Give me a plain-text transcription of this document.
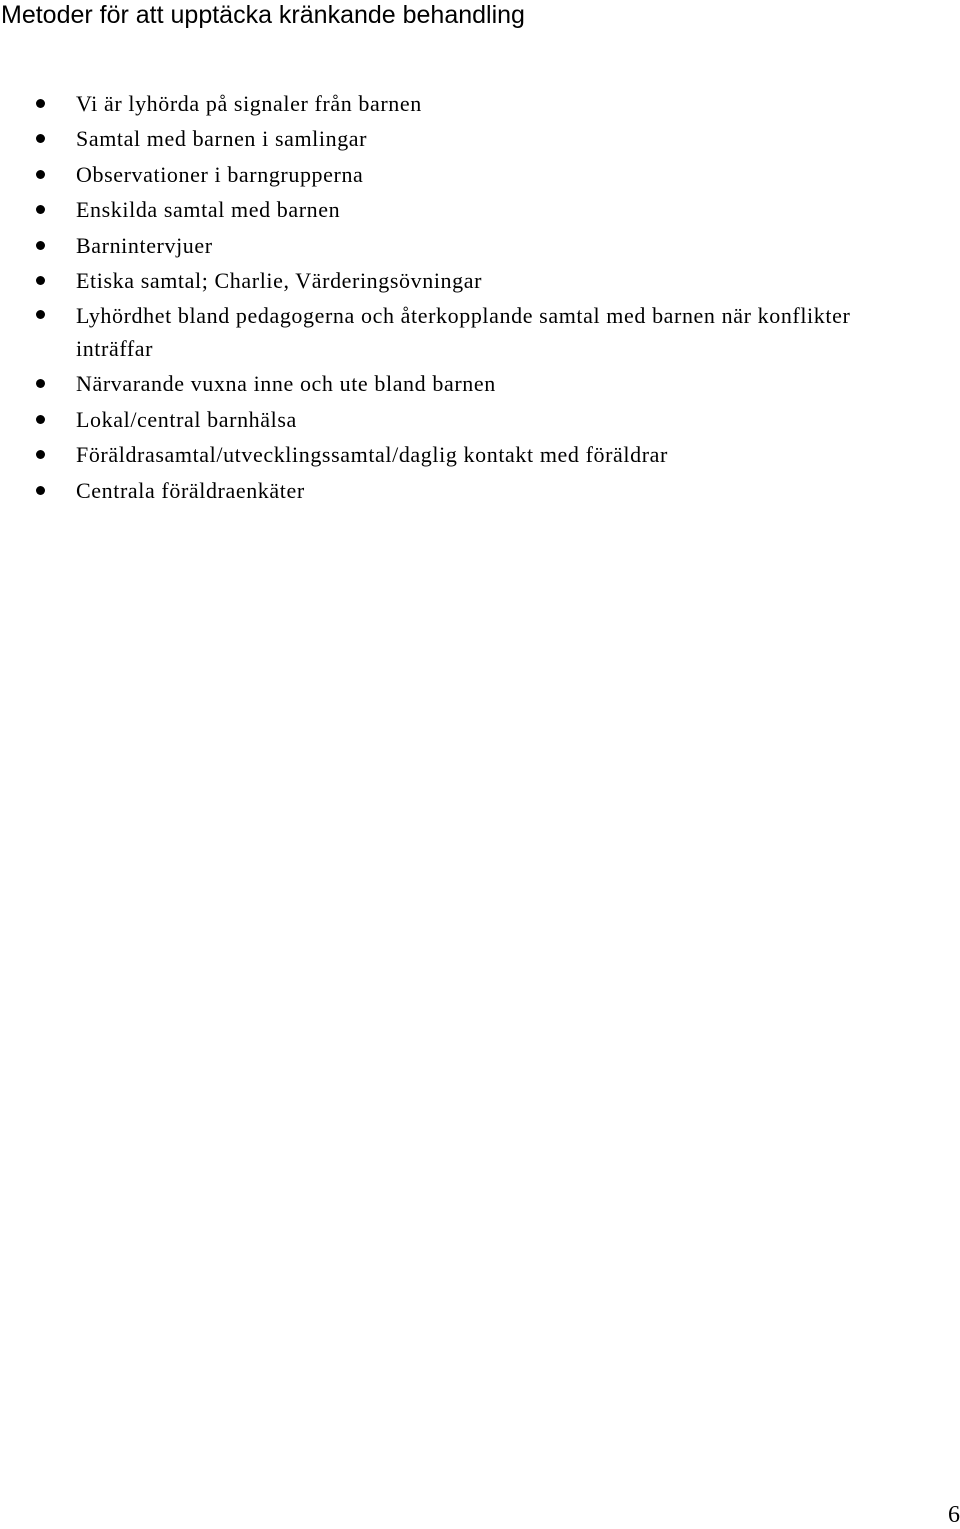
Metoder för att upptäcka kränkande behandling
Vi är lyhörda på signaler från barnen
Samtal med barnen i samlingar
Observationer i barngrupperna
Enskilda samtal med barnen
Barnintervjuer
Etiska samtal; Charlie, Värderingsövningar
Lyhördhet bland pedagogerna och återkopplande samtal med barnen när konflikter inträffar
Närvarande vuxna inne och ute bland barnen
Lokal/central barnhälsa
Föräldrasamtal/utvecklingssamtal/daglig kontakt med föräldrar
Centrala föräldraenkäter
6
